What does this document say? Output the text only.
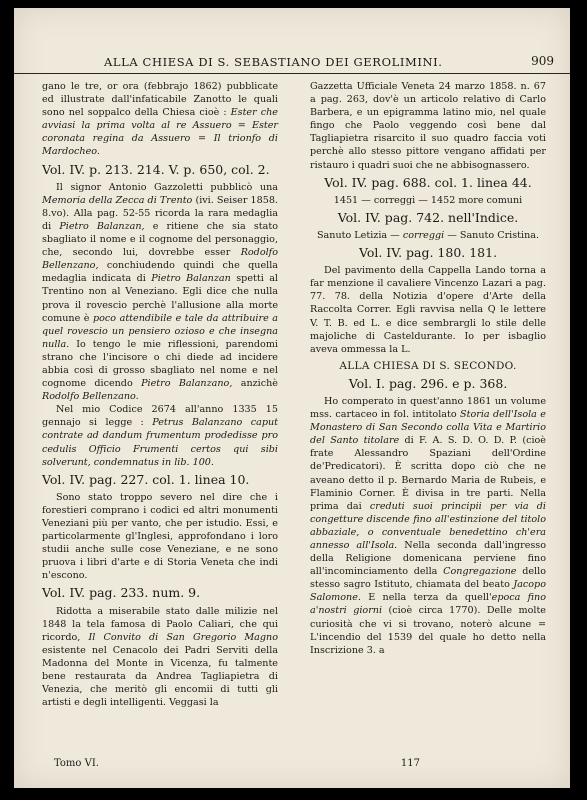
ALLA CHIESA DI S. SEBASTIANO DEI GEROLIMINI.	909

gano le tre, or ora (febbrajo 1862) pubblicate ed illustrate dall'infaticabile Zanotto le quali sono nel soppalco della Chiesa cioè : Ester che avviasi la prima volta al re Assuero = Ester coronata regina da Assuero = Il trionfo di Mardocheo.

Vol. IV. p. 213. 214. V. p. 650, col. 2.

Il signor Antonio Gazzoletti pubblicò una Memoria della Zecca di Trento (ivi. Seiser 1858. 8.vo). Alla pag. 52-55 ricorda la rara medaglia di Pietro Balanzan, e ritiene che sia stato sbagliato il nome e il cognome del personaggio, che, secondo lui, dovrebbe esser Rodolfo Bellenzano, conchiudendo quindi che quella medaglia indicata di Pietro Balanzan spetti al Trentino non al Veneziano. Egli dice che nulla prova il rovescio perchè l'allusione alla morte comune è poco attendibile e tale da attribuire a quel rovescio un pensiero ozioso e che insegna nulla. Io tengo le mie riflessioni, parendomi strano che l'incisore o chi diede ad incidere abbia così di grosso sbagliato nel nome e nel cognome dicendo Pietro Balanzano, anzichè Rodolfo Bellenzano.

Nel mio Codice 2674 all'anno 1335 15 gennajo si legge : Petrus Balanzano caput contrate ad dandum frumentum prodedisse pro cedulis Officio Frumenti certos qui sibi solverunt, condemnatus in lib. 100.

Vol. IV. pag. 227. col. 1. linea 10.

Sono stato troppo severo nel dire che i forestieri comprano i codici ed altri monumenti Veneziani più per vanto, che per istudio. Essi, e particolarmente gl'Inglesi, approfondano i loro studii anche sulle cose Veneziane, e ne sono pruova i libri d'arte e di Storia Veneta che indi n'escono.

Vol. IV. pag. 233. num. 9.

Ridotta a miserabile stato dalle milizie nel 1848 la tela famosa di Paolo Caliari, che qui ricordo, Il Convito di San Gregorio Magno esistente nel Cenacolo dei Padri Serviti della Madonna del Monte in Vicenza, fu talmente bene restaurata da Andrea Tagliapietra di Venezia, che meritò gli encomii di tutti gli artisti e degli intelligenti. Veggasi la

Gazzetta Ufficiale Veneta 24 marzo 1858. n. 67 a pag. 263, dov'è un articolo relativo di Carlo Barbera, e un epigramma latino mio, nel quale fingo che Paolo veggendo così bene dal Tagliapietra risarcito il suo quadro faccia voti perchè allo stesso pittore vengano affidati per ristauro i quadri suoi che ne abbisognassero.

Vol. IV. pag. 688. col. 1. linea 44.

1451 — correggi — 1452 more comuni

Vol. IV. pag. 742. nell'Indice.

Sanuto Letizia — correggi — Sanuto Cristina.

Vol. IV. pag. 180. 181.

Del pavimento della Cappella Lando torna a far menzione il cavaliere Vincenzo Lazari a pag. 77. 78. della Notizia d'opere d'Arte della Raccolta Correr. Egli ravvisa nella Q le lettere V. T. B. ed L. e dice sembrargli lo stile delle majoliche di Casteldurante. Io per isbaglio aveva ommessa la L.

ALLA CHIESA DI S. SECONDO.
Vol. I. pag. 296. e p. 368.

Ho comperato in quest'anno 1861 un volume mss. cartaceo in fol. intitolato Storia dell'Isola e Monastero di San Secondo colla Vita e Martirio del Santo titolare di F. A. S. D. O. D. P. (cioè frate Alessandro Spaziani dell'Ordine de'Predicatori). È scritta dopo ciò che ne aveano detto il p. Bernardo Maria de Rubeis, e Flaminio Corner. È divisa in tre parti. Nella prima dai creduti suoi principii per via di congetture discende fino all'estinzione del titolo abbaziale, o conventuale benedettino ch'era annesso all'Isola. Nella seconda dall'ingresso della Religione domenicana perviene fino all'incominciamento della Congregazione dello stesso sagro Istituto, chiamata del beato Jacopo Salomone. E nella terza da quell'epoca fino a'nostri giorni (cioè circa 1770). Delle molte curiosità che vi si trovano, noterò alcune = L'incendio del 1539 del quale ho detto nella Inscrizione 3. a

Tomo VI.	117
